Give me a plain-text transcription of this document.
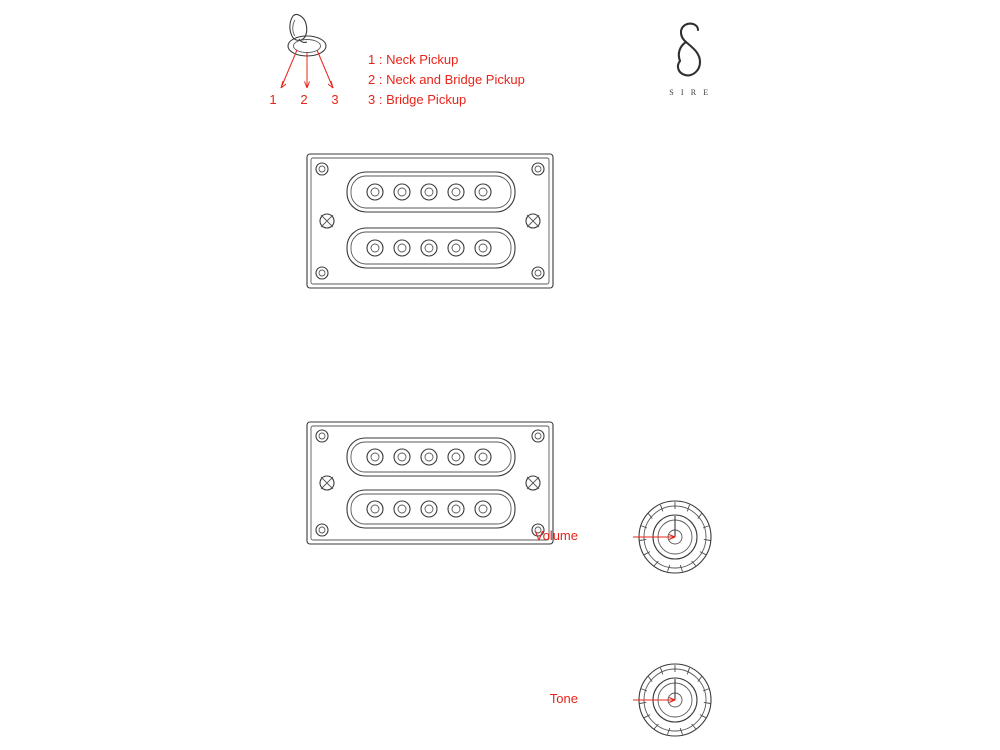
1 2 3
1 : Neck Pickup
2 : Neck and Bridge Pickup
3 : Bridge Pickup	S I R E
Volume
Tone
